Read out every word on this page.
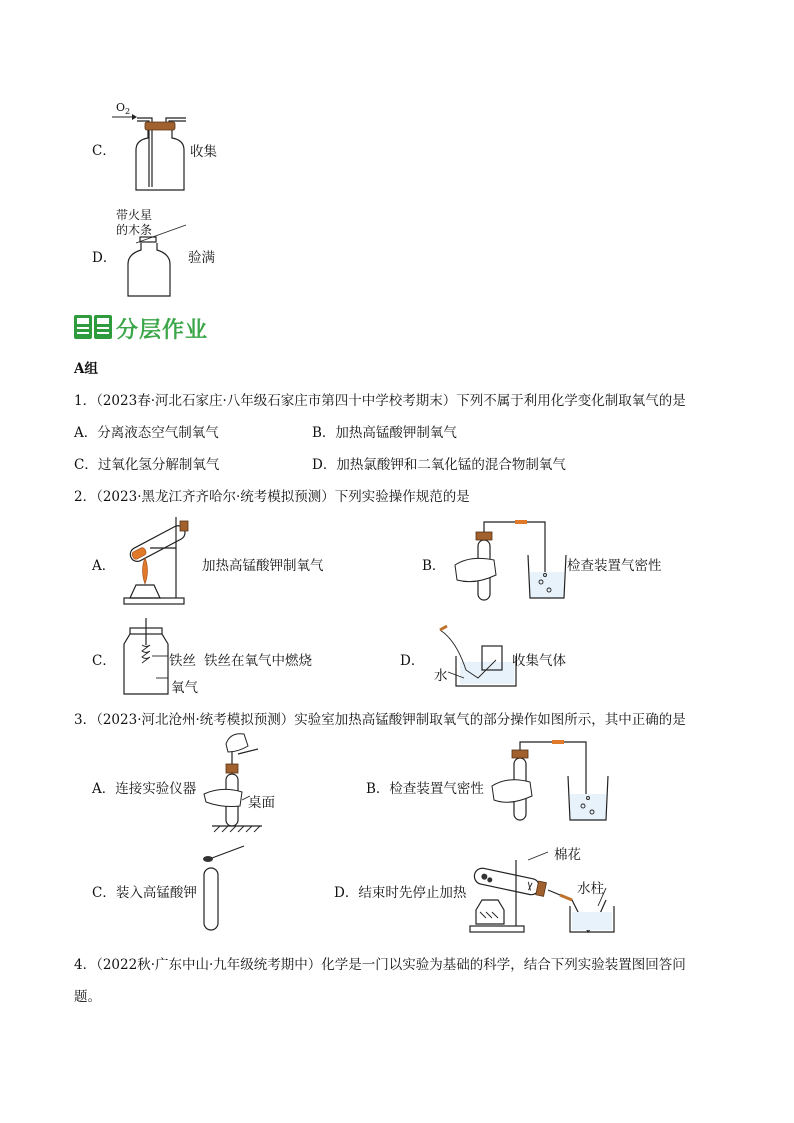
C．
$O_2$
收集
D．
带火星
的木条
验满
分层作业
A组
1．（2023春·河北石家庄·八年级石家庄市第四十中学校考期末）下列不属于利用化学变化制取氧气的是
A．分离液态空气制氧气	B．加热高锰酸钾制氧气
C．过氧化氢分解制氧气	D．加热氯酸钾和二氧化锰的混合物制氧气
2．（2023·黑龙江齐齐哈尔·统考模拟预测）下列实验操作规范的是
A．	加热高锰酸钾制氧气	B．	检查装置气密性
C．	铁丝 铁丝在氧气中燃烧
氧气
D．
水
收集气体
3．（2023·河北沧州·统考模拟预测）实验室加热高锰酸钾制取氧气的部分操作如图所示，其中正确的是
A．连接实验仪器
桌面
B．检查装置气密性
C．装入高锰酸钾	D．结束时先停止加热
棉花
水柱
4．（2022秋·广东中山·九年级统考期中）化学是一门以实验为基础的科学，结合下列实验装置图回答问
题。
